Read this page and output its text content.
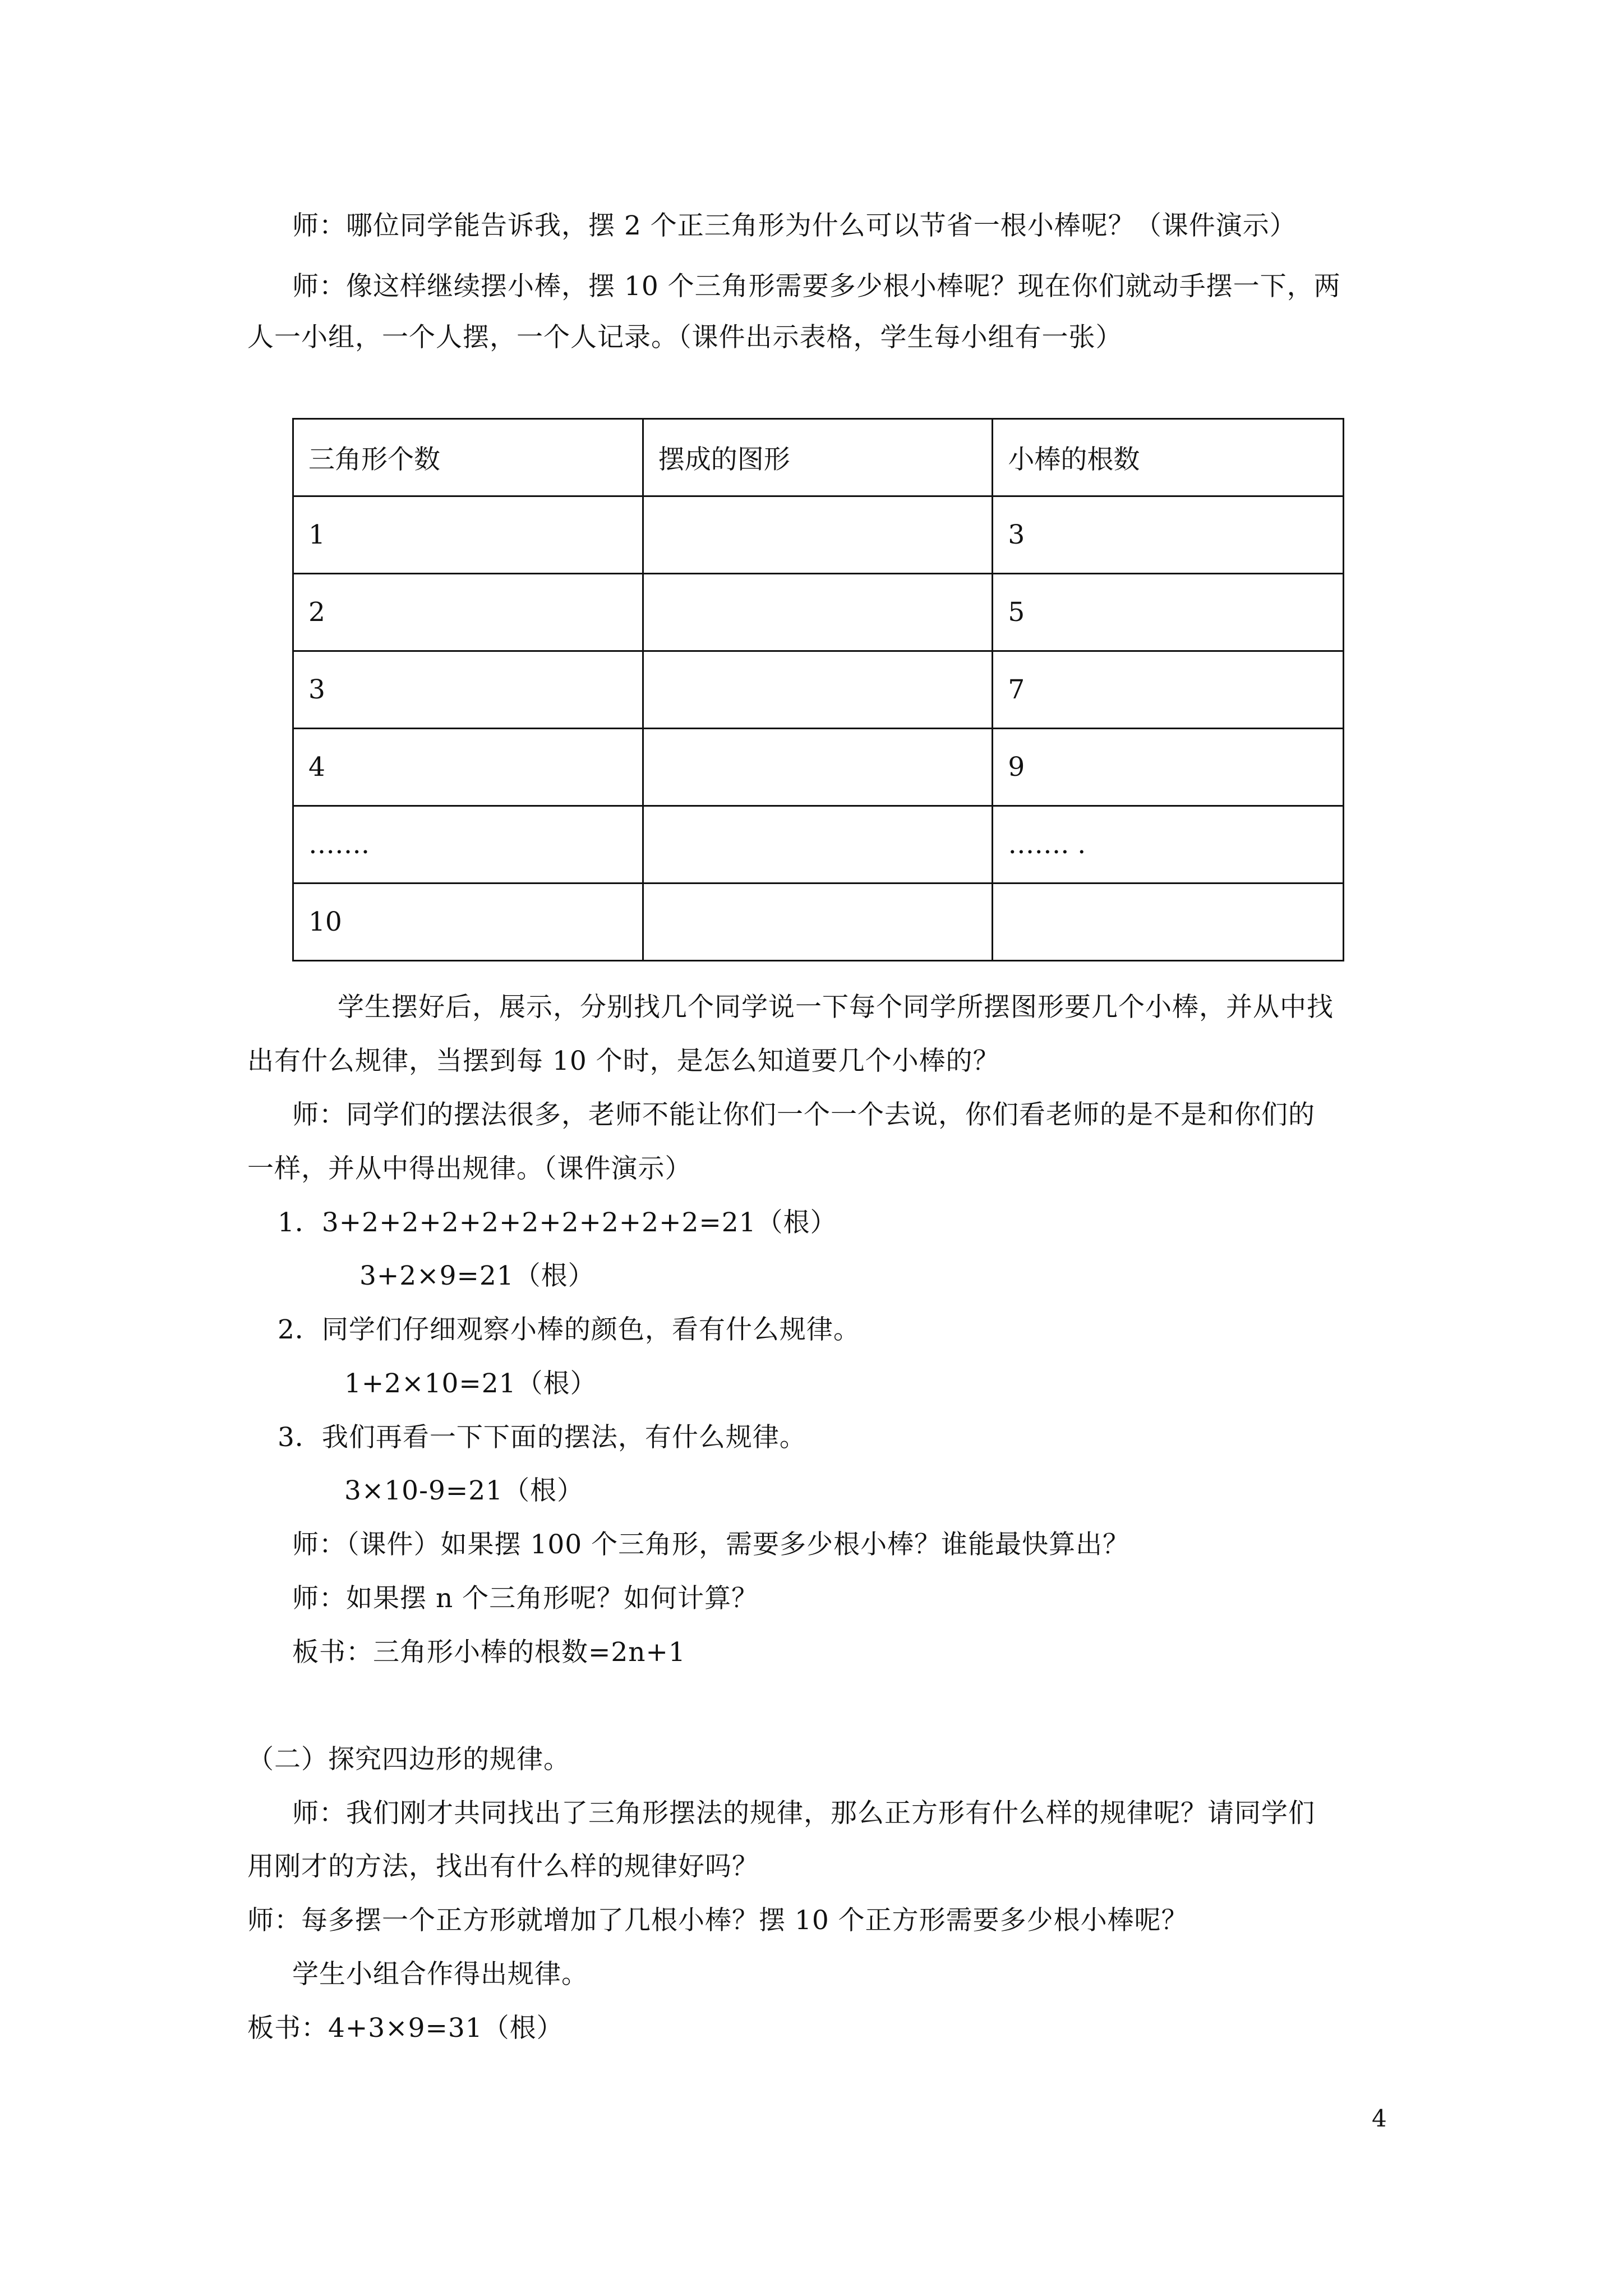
师：哪位同学能告诉我，摆 2 个正三角形为什么可以节省一根小棒呢？（课件演示）
师：像这样继续摆小棒，摆 10 个三角形需要多少根小棒呢？现在你们就动手摆一下，两
人一小组，一个人摆，一个人记录。（课件出示表格，学生每小组有一张）
三角形个数	摆成的图形	小棒的根数
1		3
2		5
3		7
4		9
…….		……. .
10		
学生摆好后，展示，分别找几个同学说一下每个同学所摆图形要几个小棒，并从中找
出有什么规律，当摆到每 10 个时，是怎么知道要几个小棒的？
师：同学们的摆法很多，老师不能让你们一个一个去说，你们看老师的是不是和你们的
一样，并从中得出规律。（课件演示）
1．3+2+2+2+2+2+2+2+2+2=21（根）
3+2×9=21（根）
2．同学们仔细观察小棒的颜色，看有什么规律。
1+2×10=21（根）
3．我们再看一下下面的摆法，有什么规律。
3×10-9=21（根）
师：（课件）如果摆 100 个三角形，需要多少根小棒？谁能最快算出？
师：如果摆 n 个三角形呢？如何计算？
板书：三角形小棒的根数=2n+1
（二）探究四边形的规律。
师：我们刚才共同找出了三角形摆法的规律，那么正方形有什么样的规律呢？请同学们
用刚才的方法，找出有什么样的规律好吗？
师：每多摆一个正方形就增加了几根小棒？摆 10 个正方形需要多少根小棒呢？
学生小组合作得出规律。
板书：4+3×9=31（根）
4
